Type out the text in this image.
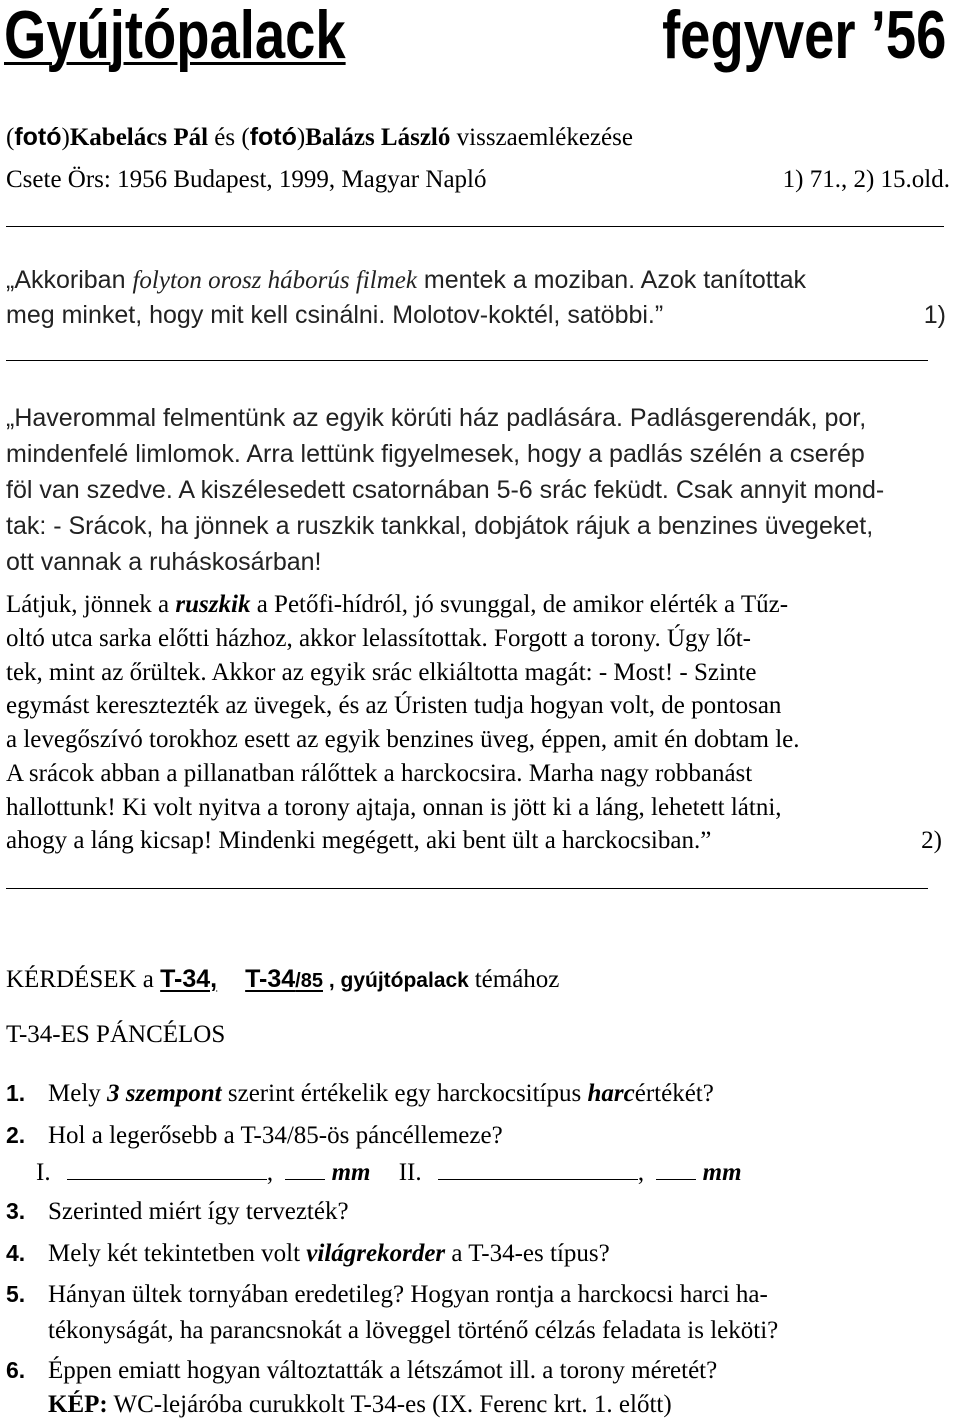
Gyújtópalack	fegyver ’56
(fotó)Kabelács Pál és (fotó)Balázs László visszaemlékezése
Csete Örs: 1956 Budapest, 1999, Magyar Napló	1) 71., 2) 15.old.
„Akkoriban folyton orosz háborús filmek mentek a moziban. Azok tanítottak
meg minket, hogy mit kell csinálni. Molotov-koktél, satöbbi.”	1)
„Haverommal felmentünk az egyik körúti ház padlására. Padlásgerendák, por,
mindenfelé limlomok. Arra lettünk figyelmesek, hogy a padlás szélén a cserép
föl van szedve. A kiszélesedett csatornában 5-6 srác feküdt. Csak annyit mond-
tak: - Srácok, ha jönnek a ruszkik tankkal, dobjátok rájuk a benzines üvegeket,
ott vannak a ruháskosárban!
Látjuk, jönnek a ruszkik a Petőfi-hídról, jó svunggal, de amikor elérték a Tűz-
oltó utca sarka előtti házhoz, akkor lelassítottak. Forgott a torony. Úgy lőt-
tek, mint az őrültek. Akkor az egyik srác elkiáltotta magát: - Most! - Szinte
egymást keresztezték az üvegek, és az Úristen tudja hogyan volt, de pontosan
a levegőszívó torokhoz esett az egyik benzines üveg, éppen, amit én dobtam le.
A srácok abban a pillanatban rálőttek a harckocsira. Marha nagy robbanást
hallottunk! Ki volt nyitva a torony ajtaja, onnan is jött ki a láng, lehetett látni,
ahogy a láng kicsap! Mindenki megégett, aki bent ült a harckocsiban.”	2)
KÉRDÉSEK a T-34, T-34/85 , gyújtópalack témához
T-34-ES PÁNCÉLOS
1. Mely 3 szempont szerint értékelik egy harckocsitípus harcértékét?
2. Hol a legerősebb a T-34/85-ös páncéllemeze?
I.	, mm II.	, mm
3. Szerinted miért így tervezték?
4. Mely két tekintetben volt világrekorder a T-34-es típus?
5. Hányan ültek tornyában eredetileg? Hogyan rontja a harckocsi harci ha-
tékonyságát, ha parancsnokát a löveggel történő célzás feladata is leköti?
6. Éppen emiatt hogyan változtatták a létszámot ill. a torony méretét?
KÉP: WC-lejáróba curukkolt T-34-es (IX. Ferenc krt. 1. előtt)
